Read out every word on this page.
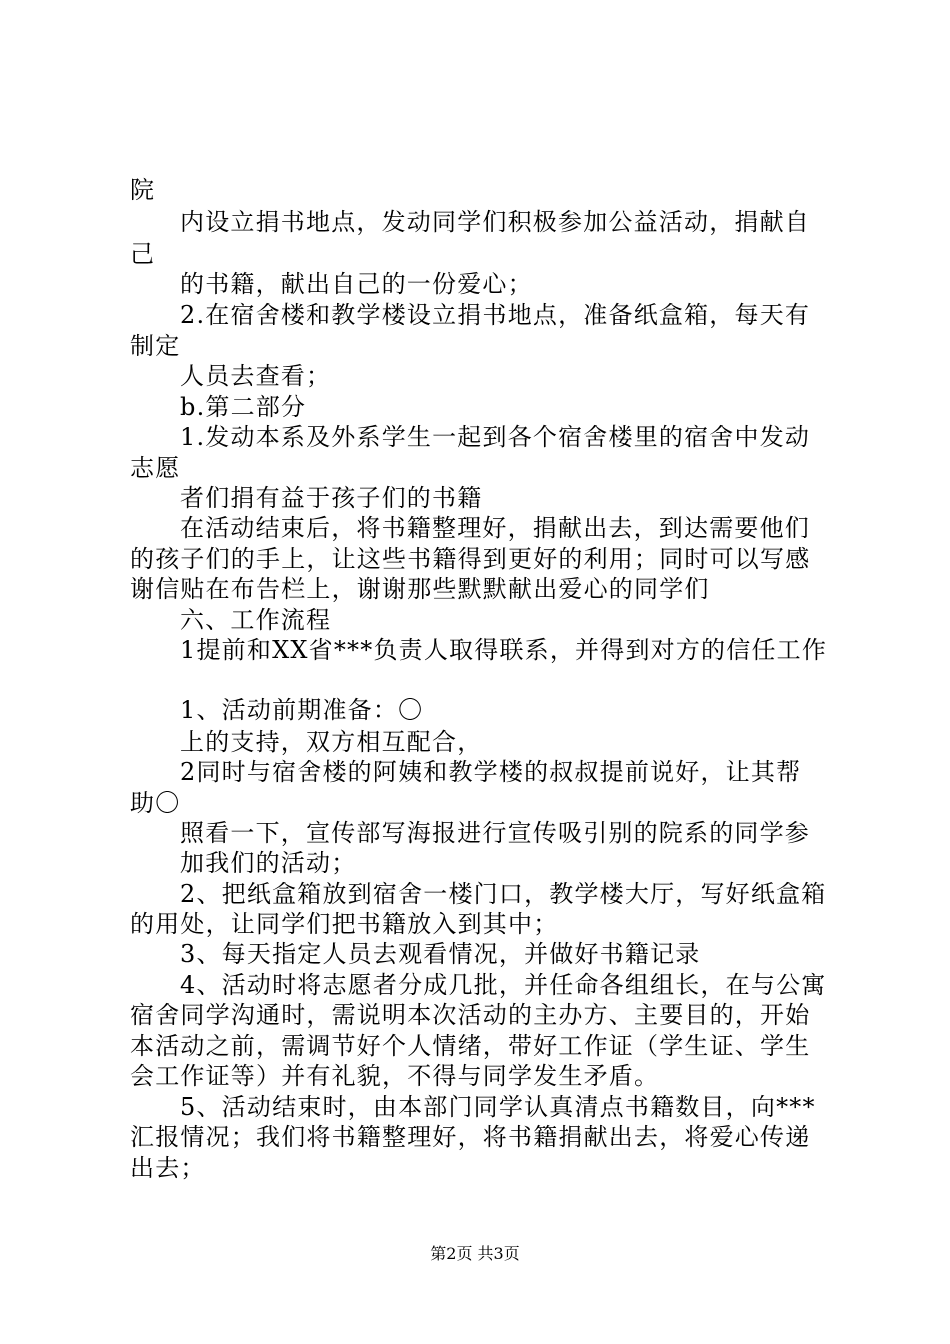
院
内设立捐书地点，发动同学们积极参加公益活动，捐献自
己
的书籍，献出自己的一份爱心；
2.在宿舍楼和教学楼设立捐书地点，准备纸盒箱，每天有
制定
人员去查看；
b.第二部分
1.发动本系及外系学生一起到各个宿舍楼里的宿舍中发动
志愿
者们捐有益于孩子们的书籍
在活动结束后，将书籍整理好，捐献出去，到达需要他们
的孩子们的手上，让这些书籍得到更好的利用；同时可以写感
谢信贴在布告栏上，谢谢那些默默献出爱心的同学们
六、工作流程
1提前和XX省***负责人取得联系，并得到对方的信任工作
1、活动前期准备：〇
上的支持，双方相互配合，
2同时与宿舍楼的阿姨和教学楼的叔叔提前说好，让其帮
助〇
照看一下，宣传部写海报进行宣传吸引别的院系的同学参
加我们的活动；
2、把纸盒箱放到宿舍一楼门口，教学楼大厅，写好纸盒箱
的用处，让同学们把书籍放入到其中；
3、每天指定人员去观看情况，并做好书籍记录
4、活动时将志愿者分成几批，并任命各组组长，在与公寓
宿舍同学沟通时，需说明本次活动的主办方、主要目的，开始
本活动之前，需调节好个人情绪，带好工作证（学生证、学生
会工作证等）并有礼貌，不得与同学发生矛盾。
5、活动结束时，由本部门同学认真清点书籍数目，向***
汇报情况；我们将书籍整理好，将书籍捐献出去，将爱心传递
出去；
第2页 共3页
